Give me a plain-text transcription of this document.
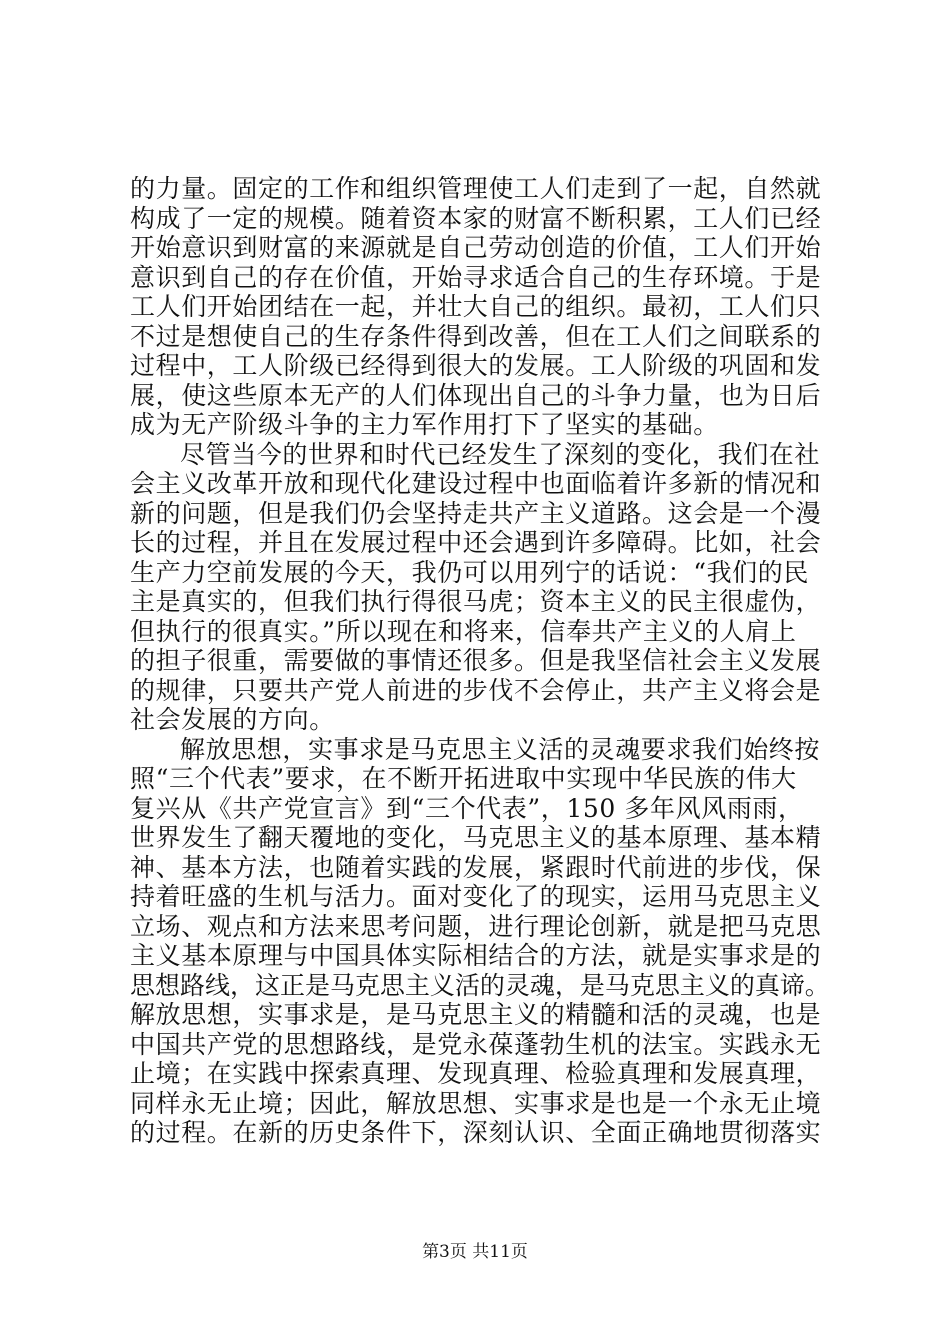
的力量。固定的工作和组织管理使工人们走到了一起，自然就
构成了一定的规模。随着资本家的财富不断积累，工人们已经
开始意识到财富的来源就是自己劳动创造的价值，工人们开始
意识到自己的存在价值，开始寻求适合自己的生存环境。于是
工人们开始团结在一起，并壮大自己的组织。最初，工人们只
不过是想使自己的生存条件得到改善，但在工人们之间联系的
过程中，工人阶级已经得到很大的发展。工人阶级的巩固和发
展，使这些原本无产的人们体现出自己的斗争力量，也为日后
成为无产阶级斗争的主力军作用打下了坚实的基础。
尽管当今的世界和时代已经发生了深刻的变化，我们在社
会主义改革开放和现代化建设过程中也面临着许多新的情况和
新的问题，但是我们仍会坚持走共产主义道路。这会是一个漫
长的过程，并且在发展过程中还会遇到许多障碍。比如，社会
生产力空前发展的今天，我仍可以用列宁的话说：“我们的民
主是真实的，但我们执行得很马虎；资本主义的民主很虚伪，
但执行的很真实。”所以现在和将来，信奉共产主义的人肩上
的担子很重，需要做的事情还很多。但是我坚信社会主义发展
的规律，只要共产党人前进的步伐不会停止，共产主义将会是
社会发展的方向。
解放思想，实事求是马克思主义活的灵魂要求我们始终按
照“三个代表”要求，在不断开拓进取中实现中华民族的伟大
复兴从《共产党宣言》到“三个代表”，150 多年风风雨雨，
世界发生了翻天覆地的变化，马克思主义的基本原理、基本精
神、基本方法，也随着实践的发展，紧跟时代前进的步伐，保
持着旺盛的生机与活力。面对变化了的现实，运用马克思主义
立场、观点和方法来思考问题，进行理论创新，就是把马克思
主义基本原理与中国具体实际相结合的方法，就是实事求是的
思想路线，这正是马克思主义活的灵魂，是马克思主义的真谛。
解放思想，实事求是，是马克思主义的精髓和活的灵魂，也是
中国共产党的思想路线，是党永葆蓬勃生机的法宝。实践永无
止境；在实践中探索真理、发现真理、检验真理和发展真理，
同样永无止境；因此，解放思想、实事求是也是一个永无止境
的过程。在新的历史条件下，深刻认识、全面正确地贯彻落实
第3页 共11页
